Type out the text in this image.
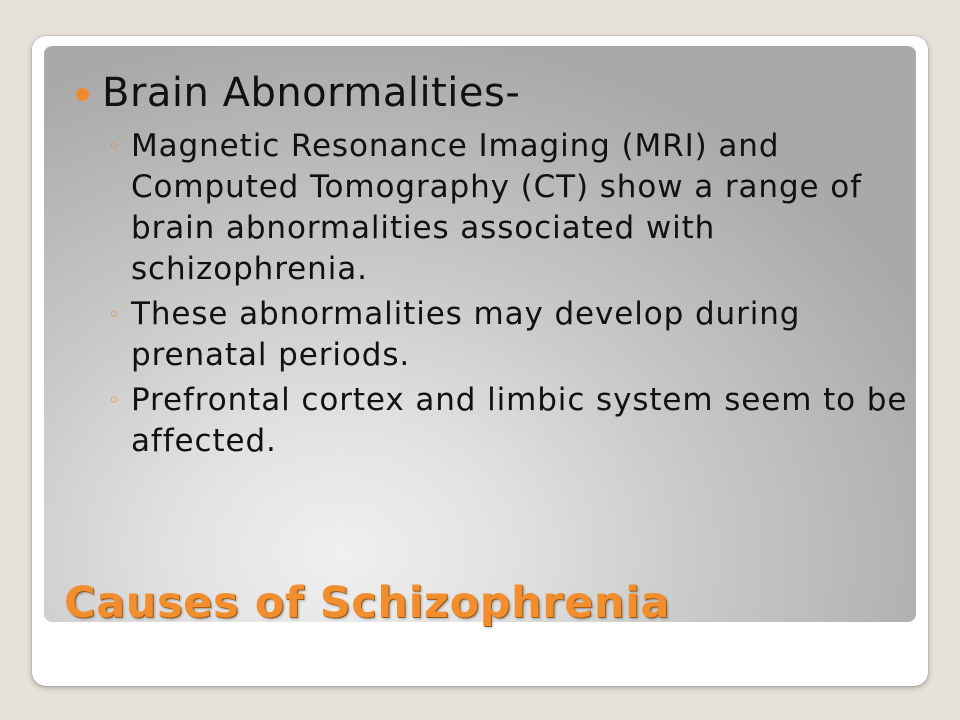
Brain Abnormalities-
◦ Magnetic Resonance Imaging (MRI) and Computed Tomography (CT) show a range of brain abnormalities associated with schizophrenia.
◦ These abnormalities may develop during prenatal periods.
◦ Prefrontal cortex and limbic system seem to be affected.
Causes of Schizophrenia
